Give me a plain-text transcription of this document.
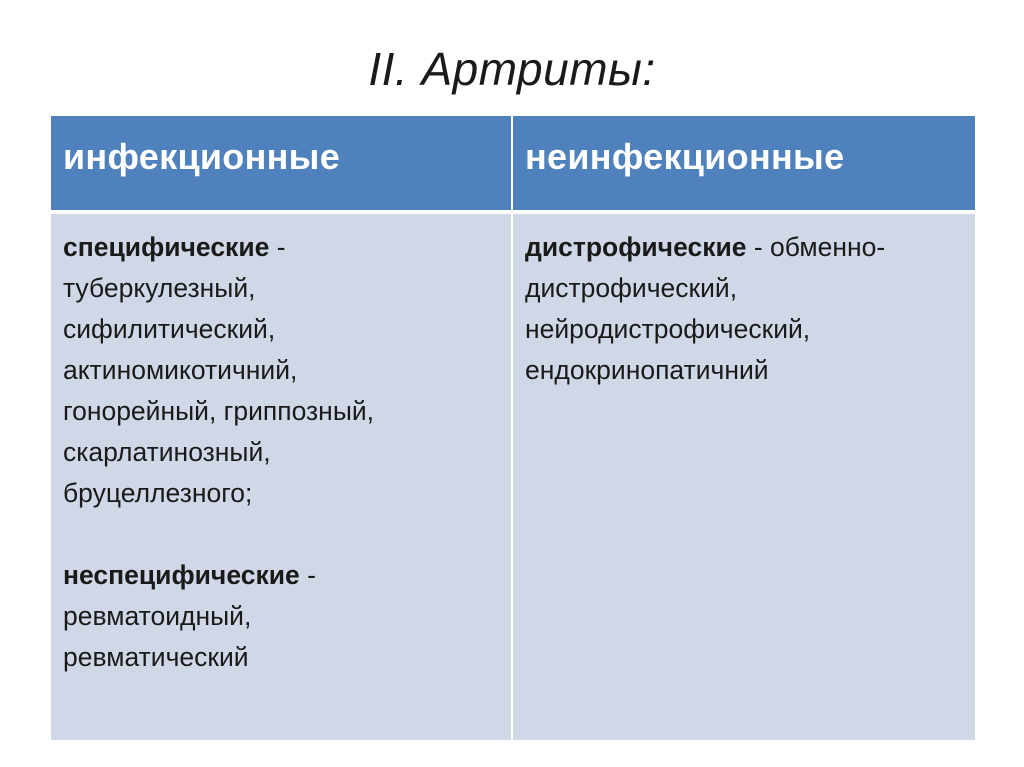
II. Артриты:
инфекционные	неинфекционные
специфические -
туберкулезный,
сифилитический,
актиномикотичний,
гонорейный, гриппозный,
скарлатинозный,
бруцеллезного;
неспецифические -
ревматоидный,
ревматический
дистрофические - обменно-
дистрофический,
нейродистрофический,
ендокринопатичний
